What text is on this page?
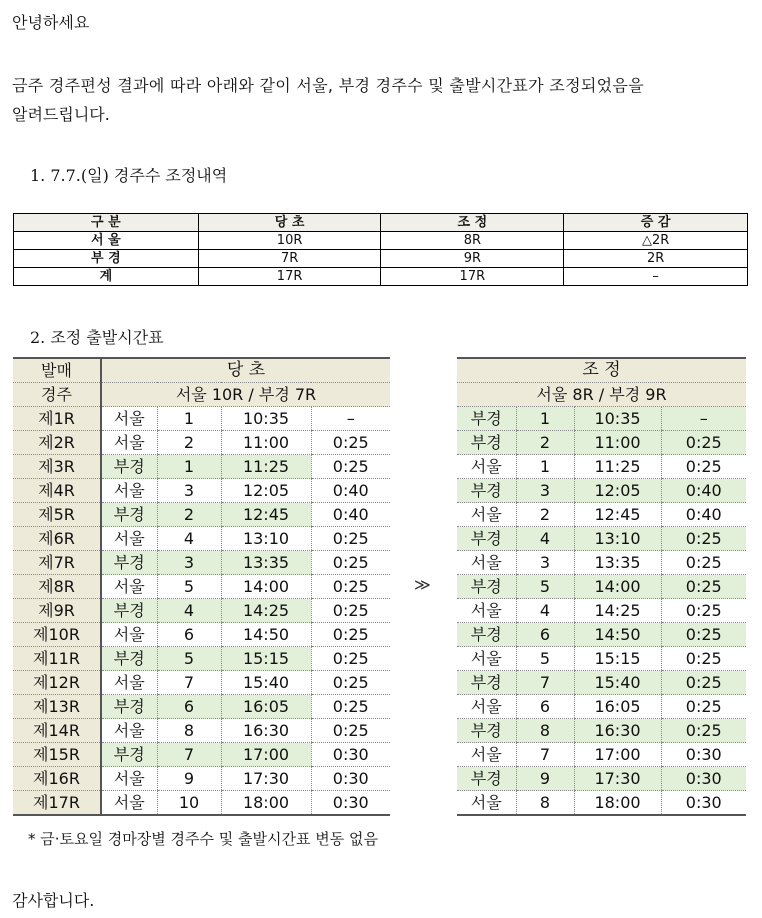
안녕하세요
금주 경주편성 결과에 따라 아래와 같이 서울, 부경 경주수 및 출발시간표가 조정되었음을
알려드립니다.
1. 7.7.(일) 경주수 조정내역
구 분	당 초	조 정	증 감
서 울	10R	8R	△2R
부 경	7R	9R	2R
계	17R	17R	–
2. 조정 출발시간표
발매	당 초			
경주	서울 10R / 부경 7R			
제1R	서울	1	10:35	–
제2R	서울	2	11:00	0:25
제3R	부경	1	11:25	0:25
제4R	서울	3	12:05	0:40
제5R	부경	2	12:45	0:40
제6R	서울	4	13:10	0:25
제7R	부경	3	13:35	0:25
제8R	서울	5	14:00	0:25
제9R	부경	4	14:25	0:25
제10R	서울	6	14:50	0:25
제11R	부경	5	15:15	0:25
제12R	서울	7	15:40	0:25
제13R	부경	6	16:05	0:25
제14R	서울	8	16:30	0:25
제15R	부경	7	17:00	0:30
제16R	서울	9	17:30	0:30
제17R	서울	10	18:00	0:30
≫
조 정			
서울 8R / 부경 9R			
부경	1	10:35	–
부경	2	11:00	0:25
서울	1	11:25	0:25
부경	3	12:05	0:40
서울	2	12:45	0:40
부경	4	13:10	0:25
서울	3	13:35	0:25
부경	5	14:00	0:25
서울	4	14:25	0:25
부경	6	14:50	0:25
서울	5	15:15	0:25
부경	7	15:40	0:25
서울	6	16:05	0:25
부경	8	16:30	0:25
서울	7	17:00	0:30
부경	9	17:30	0:30
서울	8	18:00	0:30
* 금·토요일 경마장별 경주수 및 출발시간표 변동 없음
감사합니다.
